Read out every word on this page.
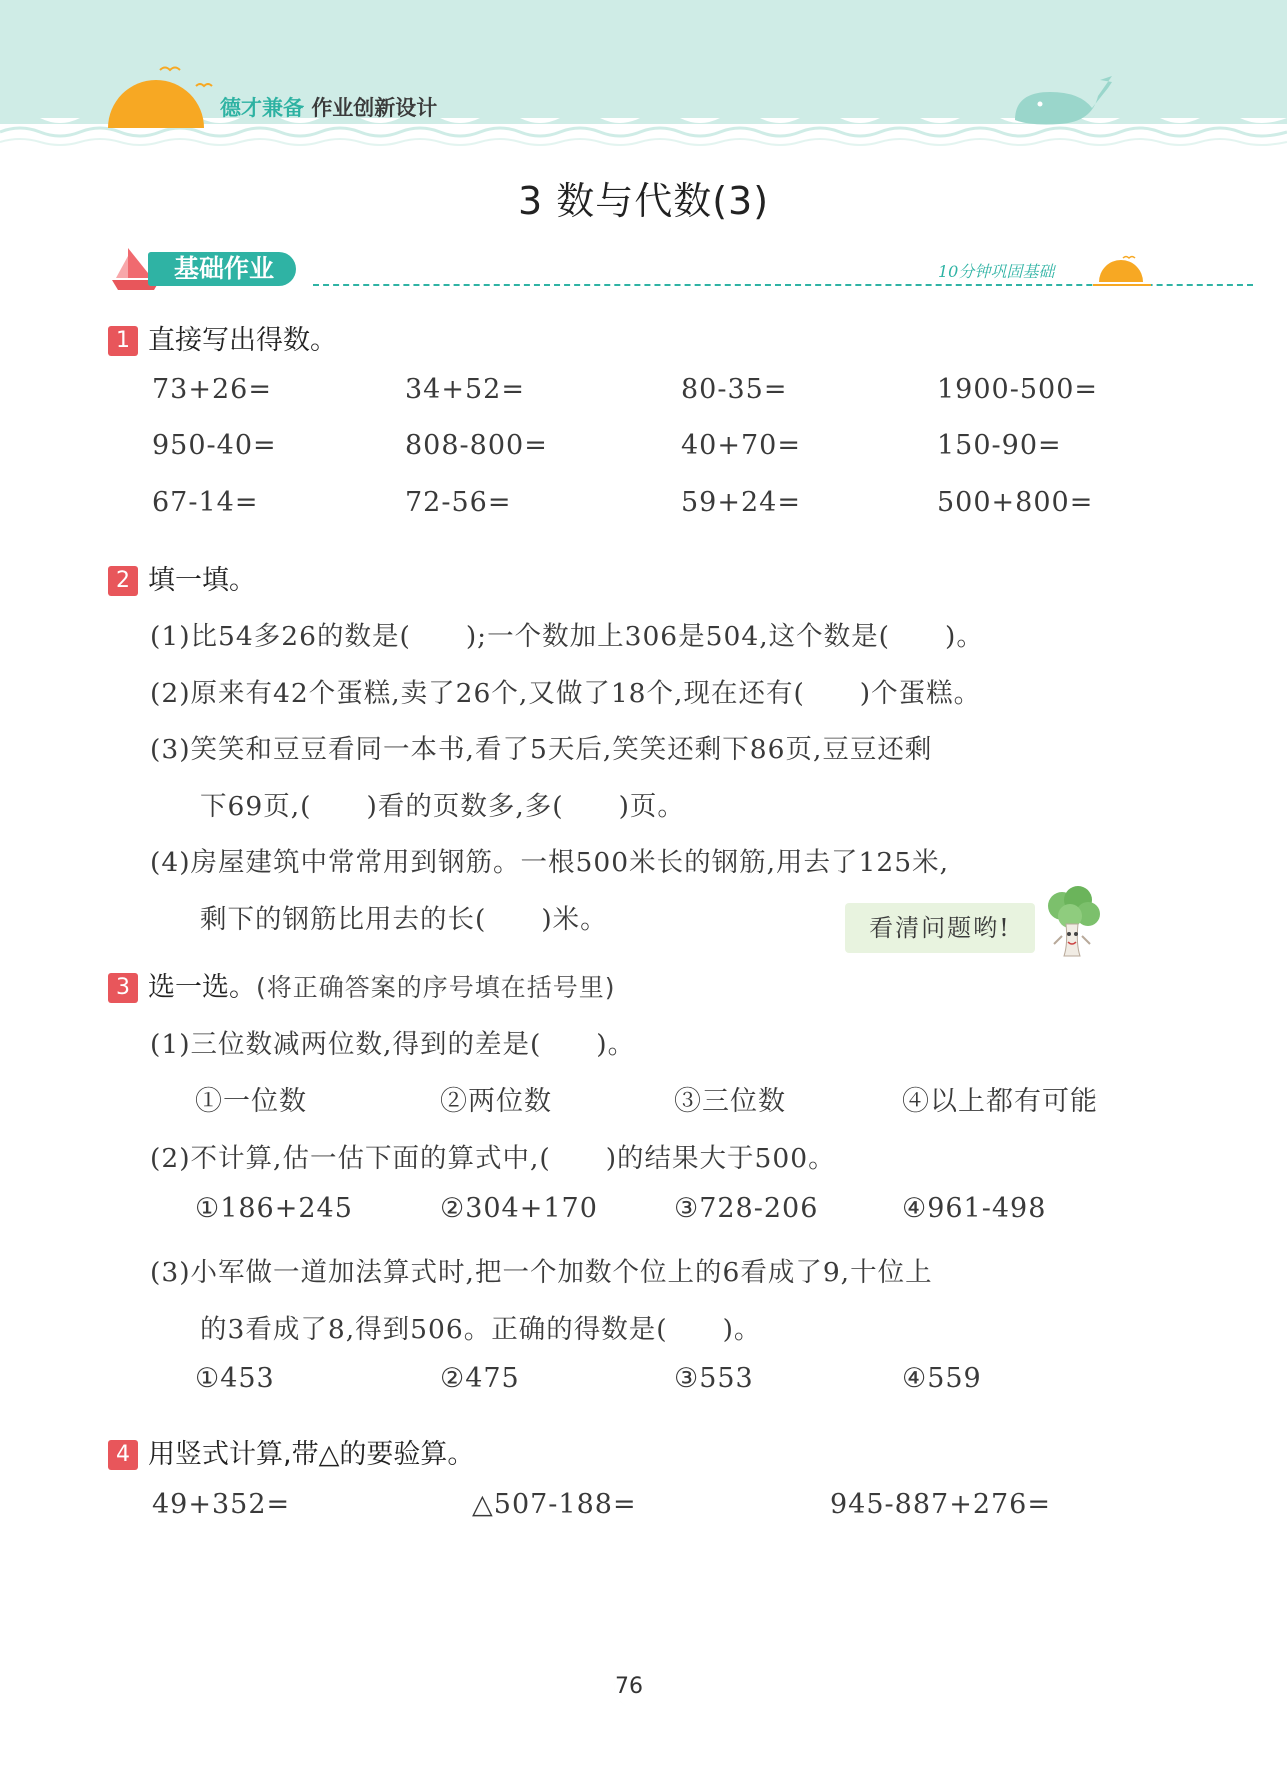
德才兼备 作业创新设计
3 数与代数(3)
基础作业	10分钟巩固基础
1 直接写出得数。
73+26=	34+52=	80-35=	1900-500=
950-40=	808-800=	40+70=	150-90=
67-14=	72-56=	59+24=	500+800=
2 填一填。
(1)比54多26的数是(　　);一个数加上306是504,这个数是(　　)。
(2)原来有42个蛋糕,卖了26个,又做了18个,现在还有(　　)个蛋糕。
(3)笑笑和豆豆看同一本书,看了5天后,笑笑还剩下86页,豆豆还剩
下69页,(　　)看的页数多,多(　　)页。
(4)房屋建筑中常常用到钢筋。一根500米长的钢筋,用去了125米,
剩下的钢筋比用去的长(　　)米。	看清问题哟!
3 选一选。(将正确答案的序号填在括号里)
(1)三位数减两位数,得到的差是(　　)。
①一位数	②两位数	③三位数	④以上都有可能
(2)不计算,估一估下面的算式中,(　　)的结果大于500。
①186+245	②304+170	③728-206	④961-498
(3)小军做一道加法算式时,把一个加数个位上的6看成了9,十位上
的3看成了8,得到506。正确的得数是(　　)。
①453	②475	③553	④559
4 用竖式计算,带△的要验算。
49+352=	△507-188=	945-887+276=
76
